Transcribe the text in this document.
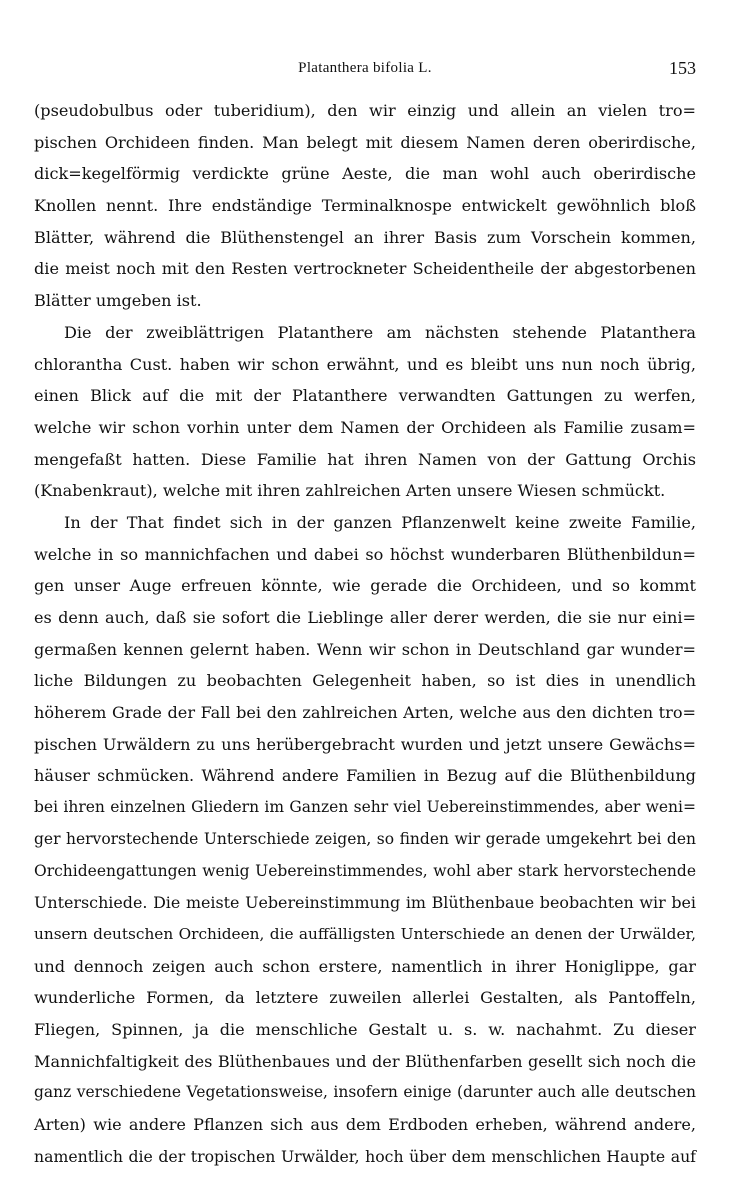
Platanthera bifolia L.	153
(pseudobulbus oder tuberidium), den wir einzig und allein an vielen tro=
pischen Orchideen finden. Man belegt mit diesem Namen deren oberirdische,
dick=kegelförmig verdickte grüne Aeste, die man wohl auch oberirdische
Knollen nennt. Ihre endständige Terminalknospe entwickelt gewöhnlich bloß
Blätter, während die Blüthenstengel an ihrer Basis zum Vorschein kommen,
die meist noch mit den Resten vertrockneter Scheidentheile der abgestorbenen
Blätter umgeben ist.
Die der zweiblättrigen Platanthere am nächsten stehende Platanthera
chlorantha Cust. haben wir schon erwähnt, und es bleibt uns nun noch übrig,
einen Blick auf die mit der Platanthere verwandten Gattungen zu werfen,
welche wir schon vorhin unter dem Namen der Orchideen als Familie zusam=
mengefaßt hatten. Diese Familie hat ihren Namen von der Gattung Orchis
(Knabenkraut), welche mit ihren zahlreichen Arten unsere Wiesen schmückt.
In der That findet sich in der ganzen Pflanzenwelt keine zweite Familie,
welche in so mannichfachen und dabei so höchst wunderbaren Blüthenbildun=
gen unser Auge erfreuen könnte, wie gerade die Orchideen, und so kommt
es denn auch, daß sie sofort die Lieblinge aller derer werden, die sie nur eini=
germaßen kennen gelernt haben. Wenn wir schon in Deutschland gar wunder=
liche Bildungen zu beobachten Gelegenheit haben, so ist dies in unendlich
höherem Grade der Fall bei den zahlreichen Arten, welche aus den dichten tro=
pischen Urwäldern zu uns herübergebracht wurden und jetzt unsere Gewächs=
häuser schmücken. Während andere Familien in Bezug auf die Blüthenbildung
bei ihren einzelnen Gliedern im Ganzen sehr viel Uebereinstimmendes, aber weni=
ger hervorstechende Unterschiede zeigen, so finden wir gerade umgekehrt bei den
Orchideengattungen wenig Uebereinstimmendes, wohl aber stark hervorstechende
Unterschiede. Die meiste Uebereinstimmung im Blüthenbaue beobachten wir bei
unsern deutschen Orchideen, die auffälligsten Unterschiede an denen der Urwälder,
und dennoch zeigen auch schon erstere, namentlich in ihrer Honiglippe, gar
wunderliche Formen, da letztere zuweilen allerlei Gestalten, als Pantoffeln,
Fliegen, Spinnen, ja die menschliche Gestalt u. s. w. nachahmt. Zu dieser
Mannichfaltigkeit des Blüthenbaues und der Blüthenfarben gesellt sich noch die
ganz verschiedene Vegetationsweise, insofern einige (darunter auch alle deutschen
Arten) wie andere Pflanzen sich aus dem Erdboden erheben, während andere,
namentlich die der tropischen Urwälder, hoch über dem menschlichen Haupte auf
